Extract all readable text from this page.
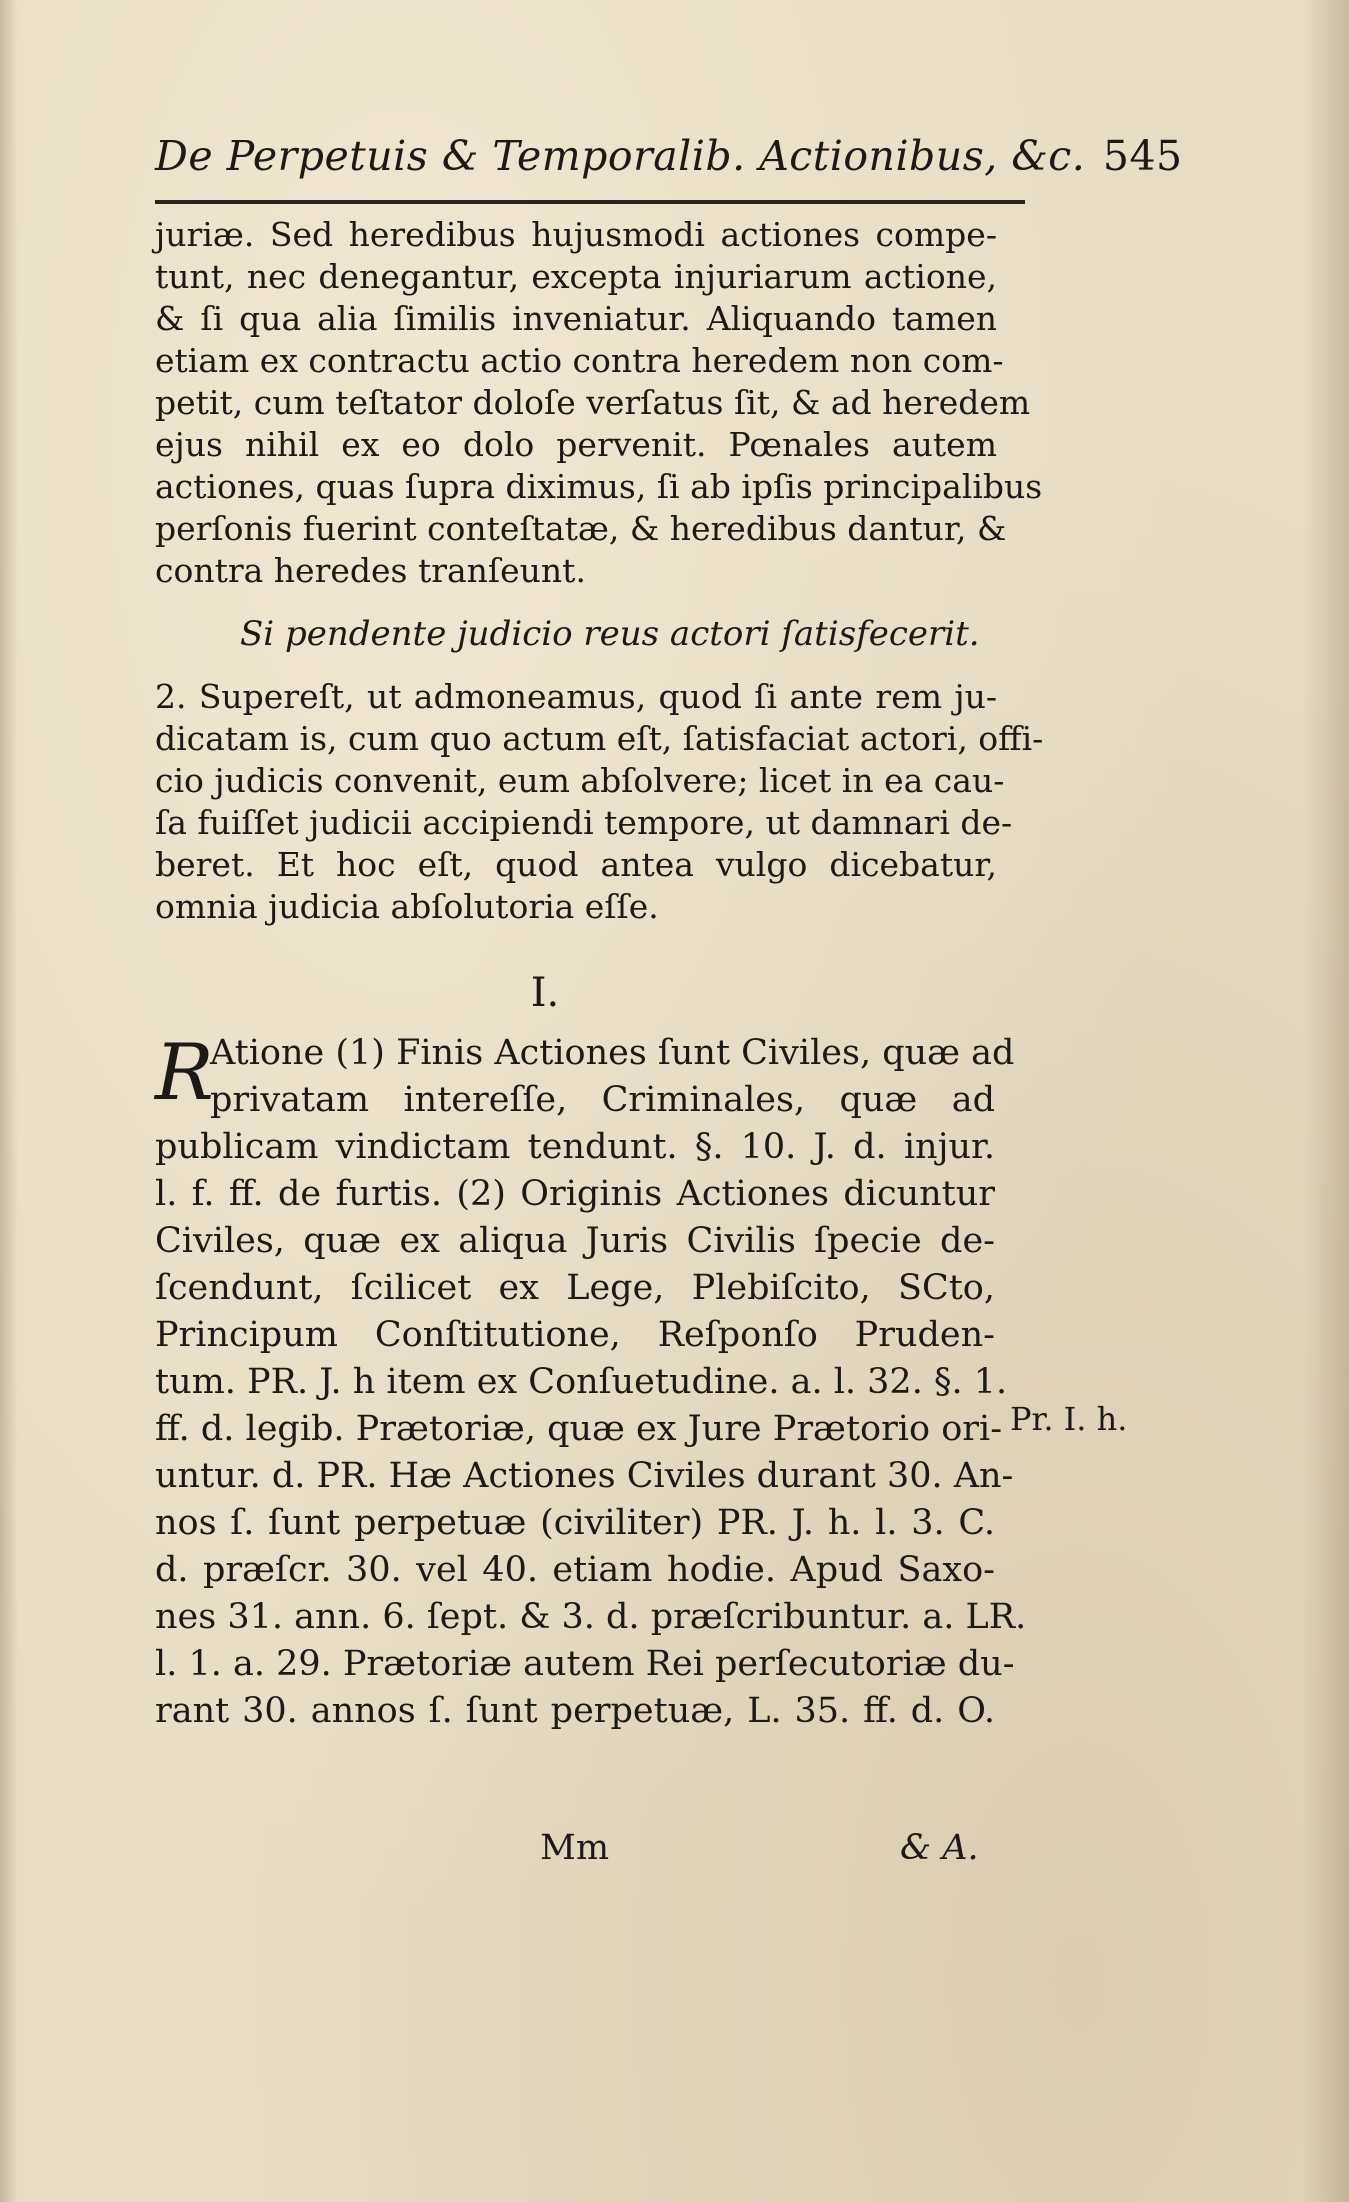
De Perpetuis & Temporalib. Actionibus, &c. 545
juriæ. Sed heredibus hujusmodi actiones compe-
tunt, nec denegantur, excepta injuriarum actione,
& ſi qua alia ſimilis inveniatur. Aliquando tamen
etiam ex contractu actio contra heredem non com-
petit, cum teſtator doloſe verſatus ſit, & ad heredem
ejus nihil ex eo dolo pervenit. Pœnales autem
actiones, quas ſupra diximus, ſi ab ipſis principalibus
perſonis fuerint conteſtatæ, & heredibus dantur, &
contra heredes tranſeunt.
Si pendente judicio reus actori ſatisfecerit.
2. Supereſt, ut admoneamus, quod ſi ante rem ju-
dicatam is, cum quo actum eſt, ſatisfaciat actori, offi-
cio judicis convenit, eum abſolvere; licet in ea cau-
ſa fuiſſet judicii accipiendi tempore, ut damnari de-
beret. Et hoc eſt, quod antea vulgo dicebatur,
omnia judicia abſolutoria eſſe.
I.
R
Atione (1) Finis Actiones ſunt Civiles, quæ ad
privatam intereſſe, Criminales, quæ ad
publicam vindictam tendunt. §. 10. J. d. injur.
l. f. ff. de furtis. (2) Originis Actiones dicuntur
Civiles, quæ ex aliqua Juris Civilis ſpecie de-
ſcendunt, ſcilicet ex Lege, Plebiſcito, SCto,
Principum Conſtitutione, Reſponſo Pruden-
tum. PR. J. h item ex Conſuetudine. a. l. 32. §. 1.
ff. d. legib. Prætoriæ, quæ ex Jure Prætorio ori-
untur. d. PR. Hæ Actiones Civiles durant 30. An-
nos ſ. ſunt perpetuæ (civiliter) PR. J. h. l. 3. C.
d. præſcr. 30. vel 40. etiam hodie. Apud Saxo-
nes 31. ann. 6. ſept. & 3. d. præſcribuntur. a. LR.
l. 1. a. 29. Prætoriæ autem Rei perſecutoriæ du-
rant 30. annos ſ. ſunt perpetuæ, L. 35. ff. d. O.
Pr. I. h.
Mm	& A.
